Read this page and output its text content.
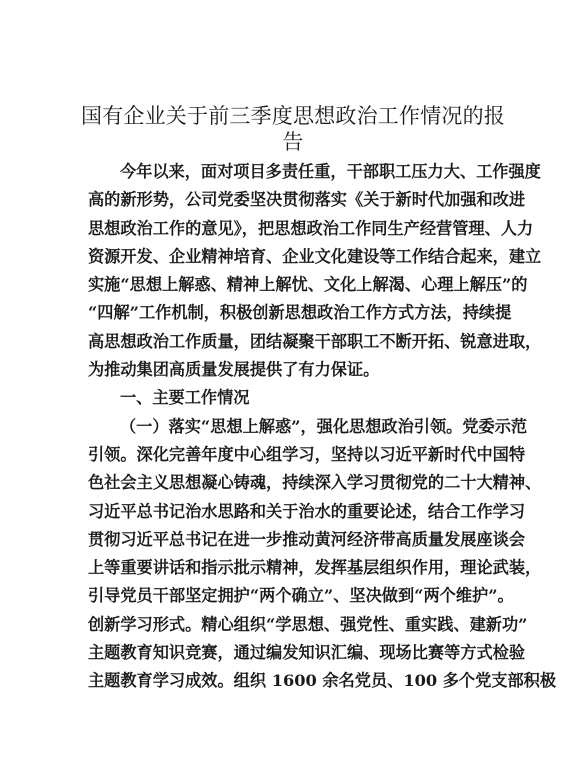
国有企业关于前三季度思想政治工作情况的报
告
今年以来，面对项目多责任重，干部职工压力大、工作强度
高的新形势，公司党委坚决贯彻落实《关于新时代加强和改进
思想政治工作的意见》，把思想政治工作同生产经营管理、人力
资源开发、企业精神培育、企业文化建设等工作结合起来，建立
实施“思想上解惑、精神上解忧、文化上解渴、心理上解压”的
“四解”工作机制，积极创新思想政治工作方式方法，持续提
高思想政治工作质量，团结凝聚干部职工不断开拓、锐意进取，
为推动集团高质量发展提供了有力保证。
一、主要工作情况
（一）落实“思想上解惑”，强化思想政治引领。党委示范
引领。深化完善年度中心组学习，坚持以习近平新时代中国特
色社会主义思想凝心铸魂，持续深入学习贯彻党的二十大精神、
习近平总书记治水思路和关于治水的重要论述，结合工作学习
贯彻习近平总书记在进一步推动黄河经济带高质量发展座谈会
上等重要讲话和指示批示精神，发挥基层组织作用，理论武装，
引导党员干部坚定拥护“两个确立”、坚决做到“两个维护”。
创新学习形式。精心组织“学思想、强党性、重实践、建新功”
主题教育知识竞赛，通过编发知识汇编、现场比赛等方式检验
主题教育学习成效。组织 1600 余名党员、100 多个党支部积极
